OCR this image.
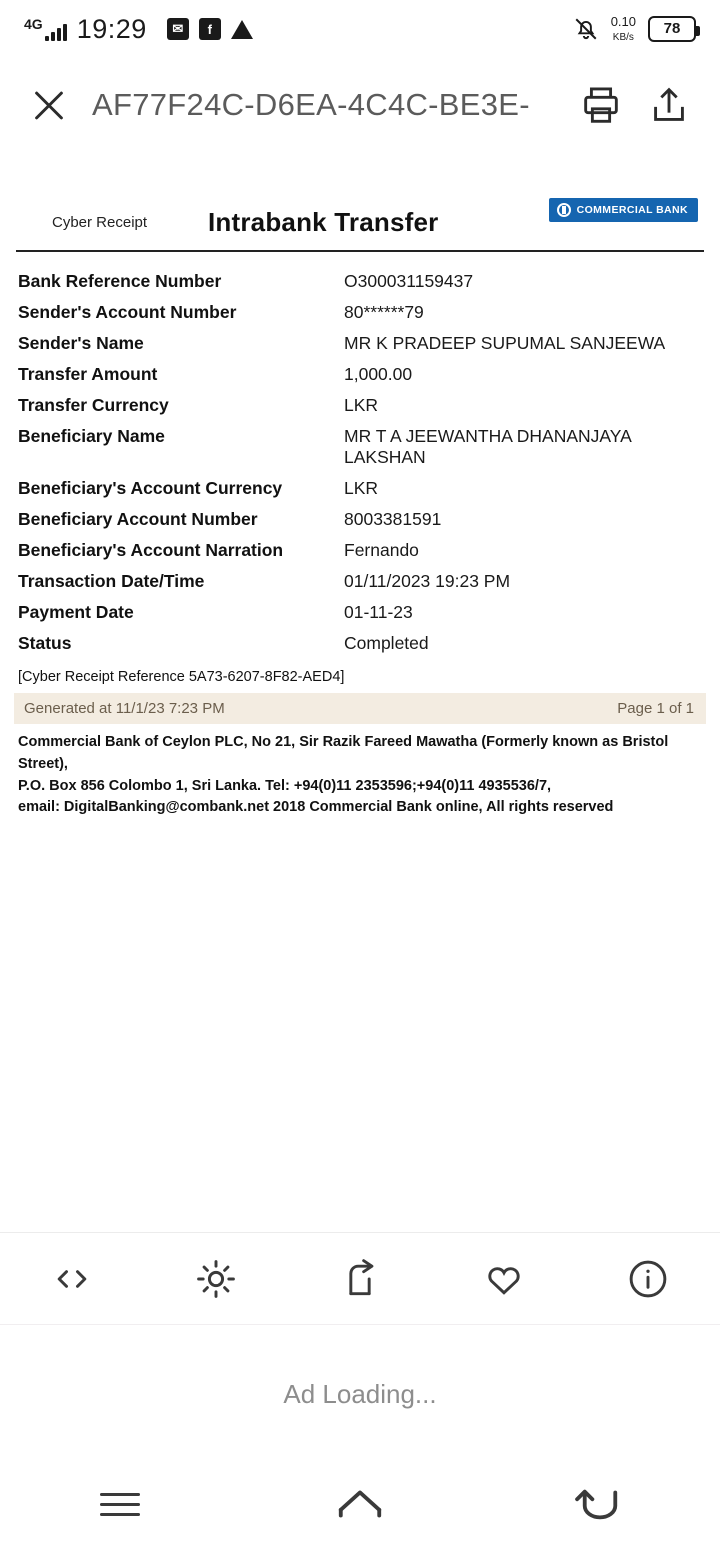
4G 19:29	✉	f
0.10
KB/s	78
AF77F24C-D6EA-4C4C-BE3E-
Cyber Receipt	Intrabank Transfer	COMMERCIAL BANK
Bank Reference Number	O300031159437
Sender's Account Number	80******79
Sender's Name	MR K PRADEEP SUPUMAL SANJEEWA
Transfer Amount	1,000.00
Transfer Currency	LKR
Beneficiary Name	MR T A JEEWANTHA DHANANJAYA LAKSHAN
Beneficiary's Account Currency	LKR
Beneficiary Account Number	8003381591
Beneficiary's Account Narration	Fernando
Transaction Date/Time	01/11/2023 19:23 PM
Payment Date	01-11-23
Status	Completed
[Cyber Receipt Reference 5A73-6207-8F82-AED4]
Generated at 11/1/23 7:23 PM	Page 1 of 1
Commercial Bank of Ceylon PLC, No 21, Sir Razik Fareed Mawatha (Formerly known as Bristol Street),
P.O. Box 856 Colombo 1, Sri Lanka. Tel: +94(0)11 2353596;+94(0)11 4935536/7,
email: DigitalBanking@combank.net 2018 Commercial Bank online, All rights reserved
Ad Loading...
